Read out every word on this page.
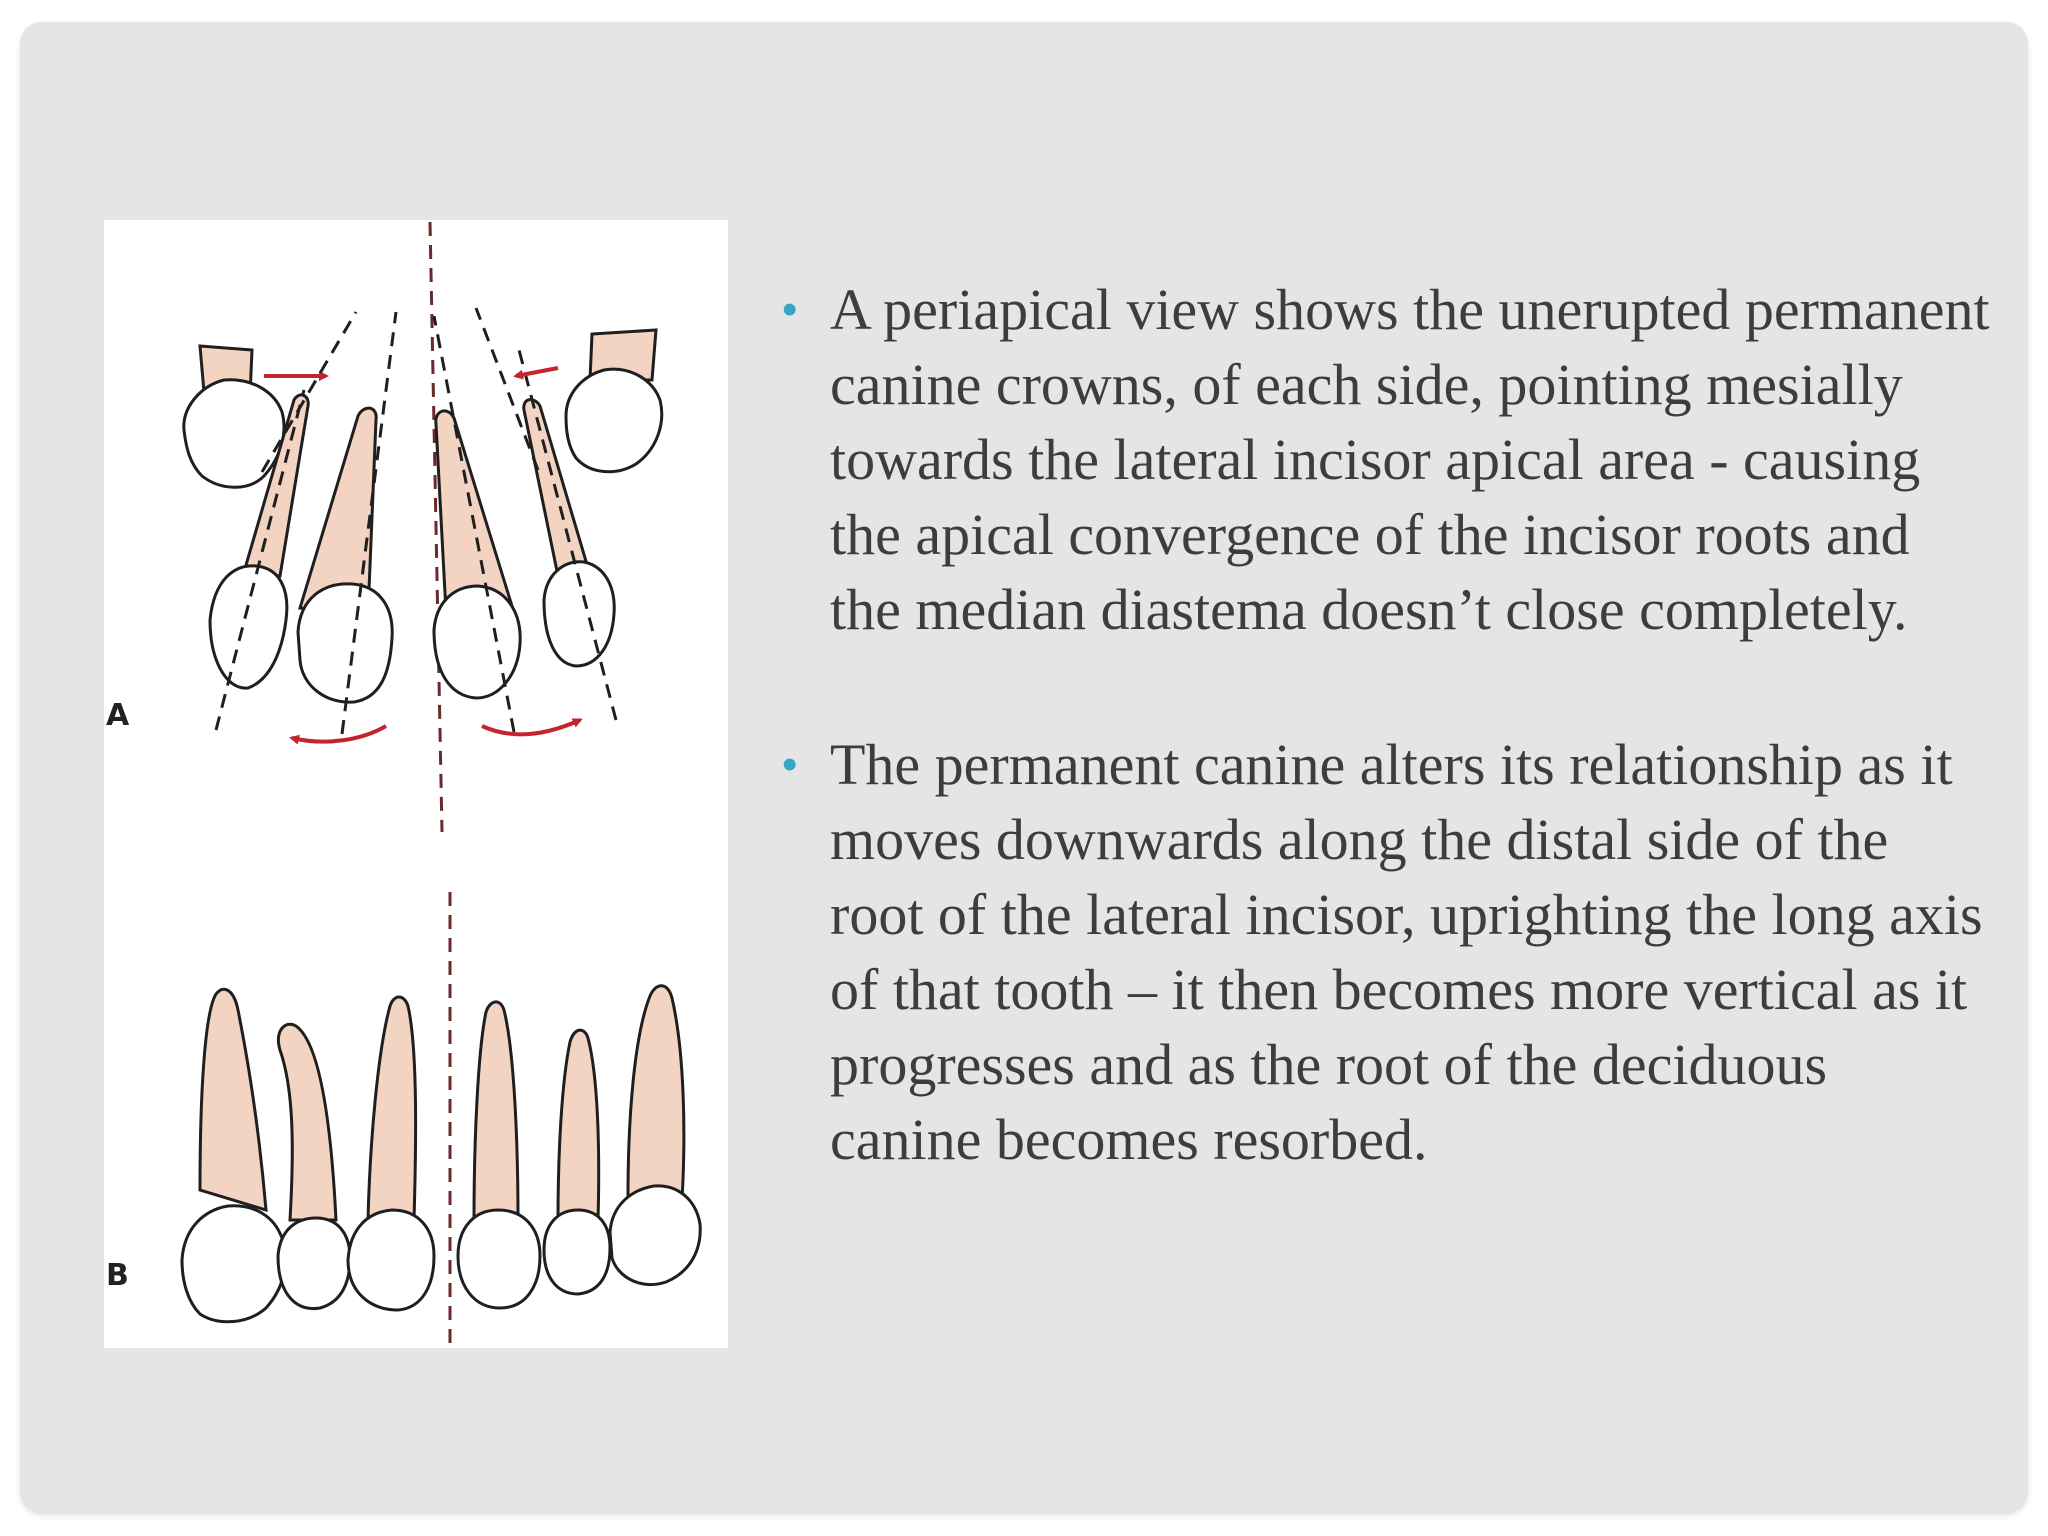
A
B
• A periapical view shows the unerupted permanent canine crowns, of each side, pointing mesially towards the lateral incisor apical area - causing the apical convergence of the incisor roots and the median diastema doesn’t close completely.
• The permanent canine alters its relationship as it moves downwards along the distal side of the root of the lateral incisor, uprighting the long axis of that tooth – it then becomes more vertical as it progresses and as the root of the deciduous canine becomes resorbed.
